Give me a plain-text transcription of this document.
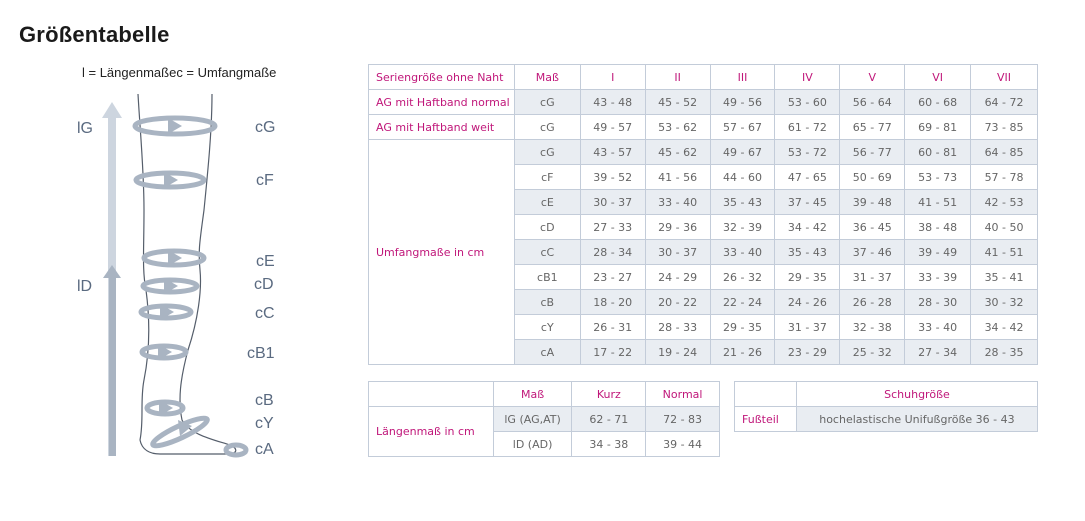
Größentabelle
l = Längenmaßec = Umfangmaße
lG
lD
cG
cF
cE
cD
cC
cB1
cB
cY
cA
Seriengröße ohne Naht	Maß	I	II	III	IV	V	VI	VII
AG mit Haftband normal	cG	43 - 48	45 - 52	49 - 56	53 - 60	56 - 64	60 - 68	64 - 72
AG mit Haftband weit	cG	49 - 57	53 - 62	57 - 67	61 - 72	65 - 77	69 - 81	73 - 85
Umfangmaße in cm	cG	43 - 57	45 - 62	49 - 67	53 - 72	56 - 77	60 - 81	64 - 85
	cF	39 - 52	41 - 56	44 - 60	47 - 65	50 - 69	53 - 73	57 - 78
	cE	30 - 37	33 - 40	35 - 43	37 - 45	39 - 48	41 - 51	42 - 53
	cD	27 - 33	29 - 36	32 - 39	34 - 42	36 - 45	38 - 48	40 - 50
	cC	28 - 34	30 - 37	33 - 40	35 - 43	37 - 46	39 - 49	41 - 51
	cB1	23 - 27	24 - 29	26 - 32	29 - 35	31 - 37	33 - 39	35 - 41
	cB	18 - 20	20 - 22	22 - 24	24 - 26	26 - 28	28 - 30	30 - 32
	cY	26 - 31	28 - 33	29 - 35	31 - 37	32 - 38	33 - 40	34 - 42
	cA	17 - 22	19 - 24	21 - 26	23 - 29	25 - 32	27 - 34	28 - 35
	Maß	Kurz	Normal
Längenmaß in cm	lG (AG,AT)	62 - 71	72 - 83
	lD (AD)	34 - 38	39 - 44
	Schuhgröße
Fußteil	hochelastische Unifußgröße 36 - 43
